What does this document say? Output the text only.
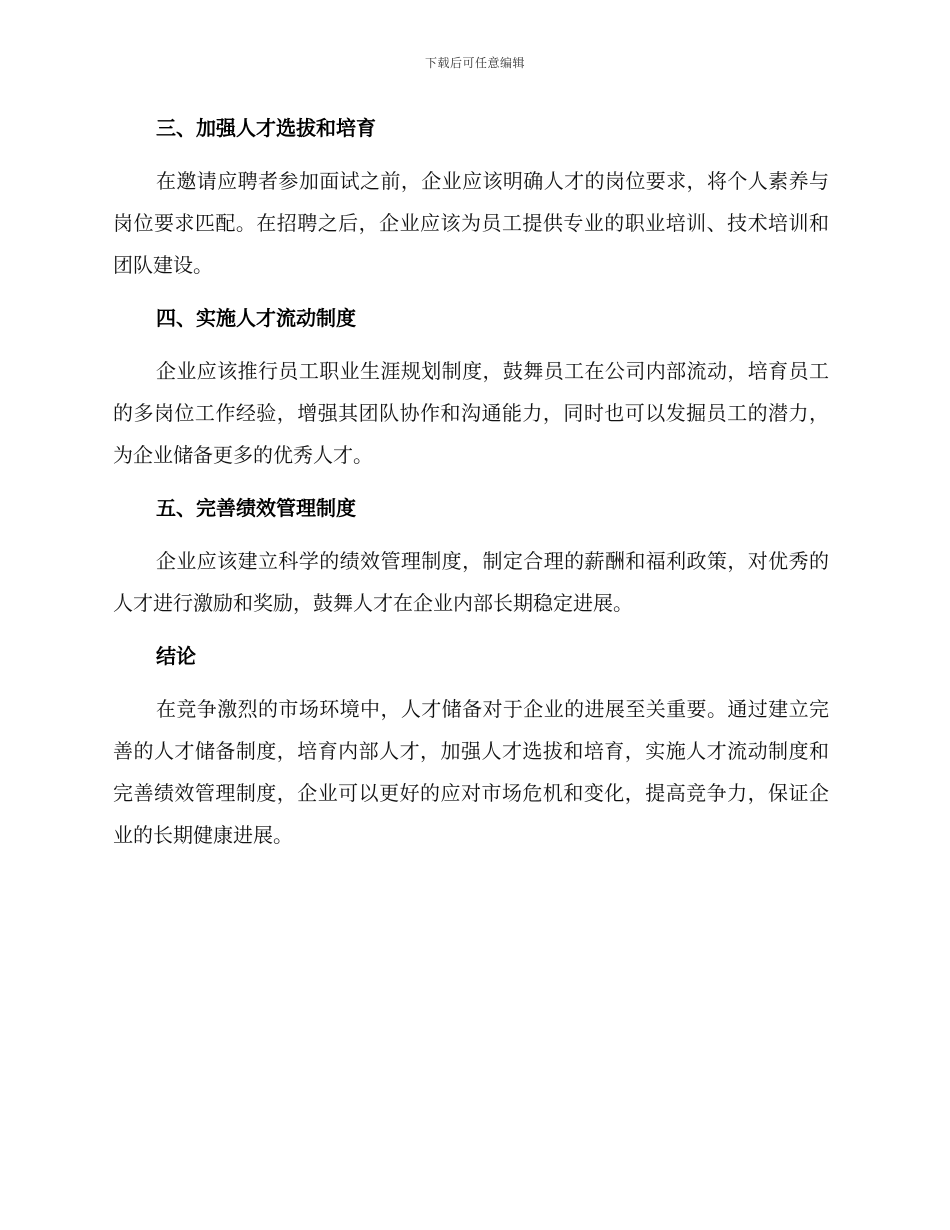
下载后可任意编辑

三、加强人才选拔和培育

在邀请应聘者参加面试之前，企业应该明确人才的岗位要求，将个人素养与岗位要求匹配。在招聘之后，企业应该为员工提供专业的职业培训、技术培训和团队建设。

四、实施人才流动制度

企业应该推行员工职业生涯规划制度，鼓舞员工在公司内部流动，培育员工的多岗位工作经验，增强其团队协作和沟通能力，同时也可以发掘员工的潜力，为企业储备更多的优秀人才。

五、完善绩效管理制度

企业应该建立科学的绩效管理制度，制定合理的薪酬和福利政策，对优秀的人才进行激励和奖励，鼓舞人才在企业内部长期稳定进展。

结论

在竞争激烈的市场环境中，人才储备对于企业的进展至关重要。通过建立完善的人才储备制度，培育内部人才，加强人才选拔和培育，实施人才流动制度和完善绩效管理制度，企业可以更好的应对市场危机和变化，提高竞争力，保证企业的长期健康进展。
